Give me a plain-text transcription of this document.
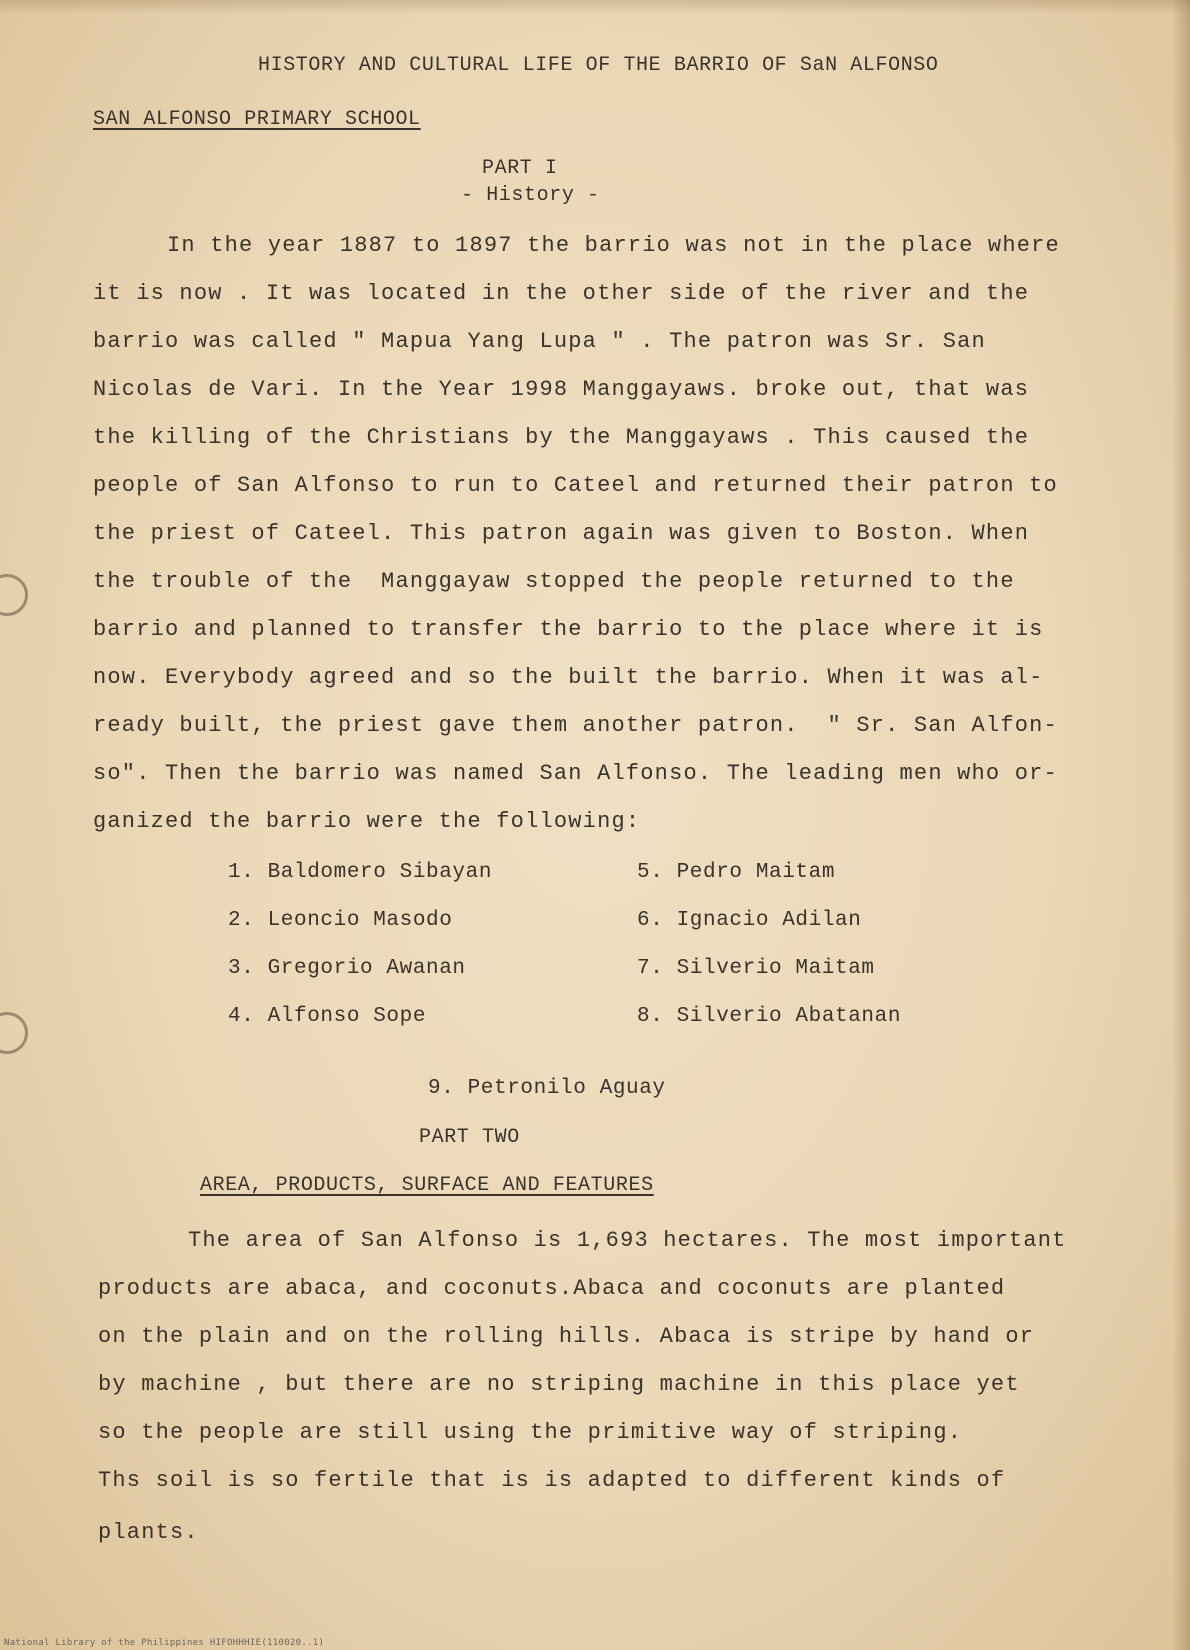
HISTORY AND CULTURAL LIFE OF THE BARRIO OF SaN ALFONSO
SAN ALFONSO PRIMARY SCHOOL
PART I
- History -
In the year 1887 to 1897 the barrio was not in the place where
it is now . It was located in the other side of the river and the
barrio was called " Mapua Yang Lupa " . The patron was Sr. San
Nicolas de Vari. In the Year 1998 Manggayaws. broke out, that was
the killing of the Christians by the Manggayaws . This caused the
people of San Alfonso to run to Cateel and returned their patron to
the priest of Cateel. This patron again was given to Boston. When
the trouble of the  Manggayaw stopped the people returned to the
barrio and planned to transfer the barrio to the place where it is
now. Everybody agreed and so the built the barrio. When it was al-
ready built, the priest gave them another patron.  " Sr. San Alfon-
so". Then the barrio was named San Alfonso. The leading men who or-
ganized the barrio were the following:
1. Baldomero Sibayan
2. Leoncio Masodo
3. Gregorio Awanan
4. Alfonso Sope
5. Pedro Maitam
6. Ignacio Adilan
7. Silverio Maitam
8. Silverio Abatanan
9. Petronilo Aguay
PART TWO
AREA, PRODUCTS, SURFACE AND FEATURES
The area of San Alfonso is 1,693 hectares. The most important
products are abaca, and coconuts.Abaca and coconuts are planted
on the plain and on the rolling hills. Abaca is stripe by hand or
by machine , but there are no striping machine in this place yet
so the people are still using the primitive way of striping.
Ths soil is so fertile that is is adapted to different kinds of
plants.
National Library of the Philippines HIFOHHHIE(110020..1)
